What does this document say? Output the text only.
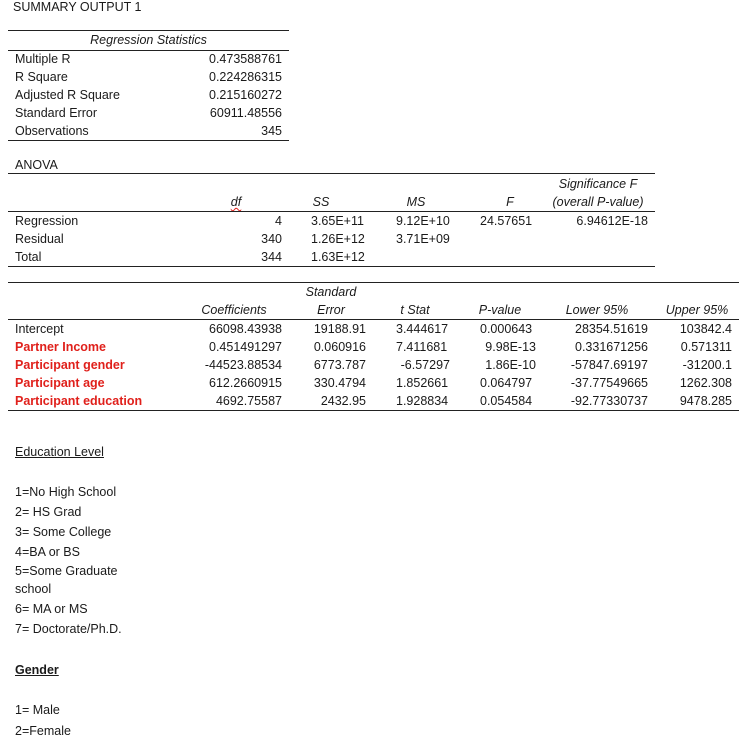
SUMMARY OUTPUT 1
Regression Statistics
Multiple R	0.473588761
R Square	0.224286315
Adjusted R Square	0.215160272
Standard Error	60911.48556
Observations	345
ANOVA
Significance F
df	SS	MS	F	(overall P-value)
Regression	4 3.65E+11	9.12E+10 24.57651	6.94612E-18
Residual	340 1.26E+12 3.71E+09
Total	344 1.63E+12
Standard
Coefficients	Error	t Stat	P-value	Lower 95%	Upper 95%
Intercept	66098.43938	19188.91 3.444617	0.000643	28354.51619	103842.4
Partner Income	0.451491297	0.060916 7.411681	9.98E-13	0.331671256	0.571311
Participant gender	-44523.88534	6773.787	-6.57297	1.86E-10	-57847.69197	-31200.1
Participant age	612.2660915	330.4794 1.852661	0.064797	-37.77549665	1262.308
Participant education	4692.75587	2432.95 1.928834	0.054584	-92.77330737	9478.285
Education Level
1=No High School
2= HS Grad
3= Some College
4=BA or BS
5=Some Graduate
school
6= MA or MS
7= Doctorate/Ph.D.
Gender
1= Male
2=Female
